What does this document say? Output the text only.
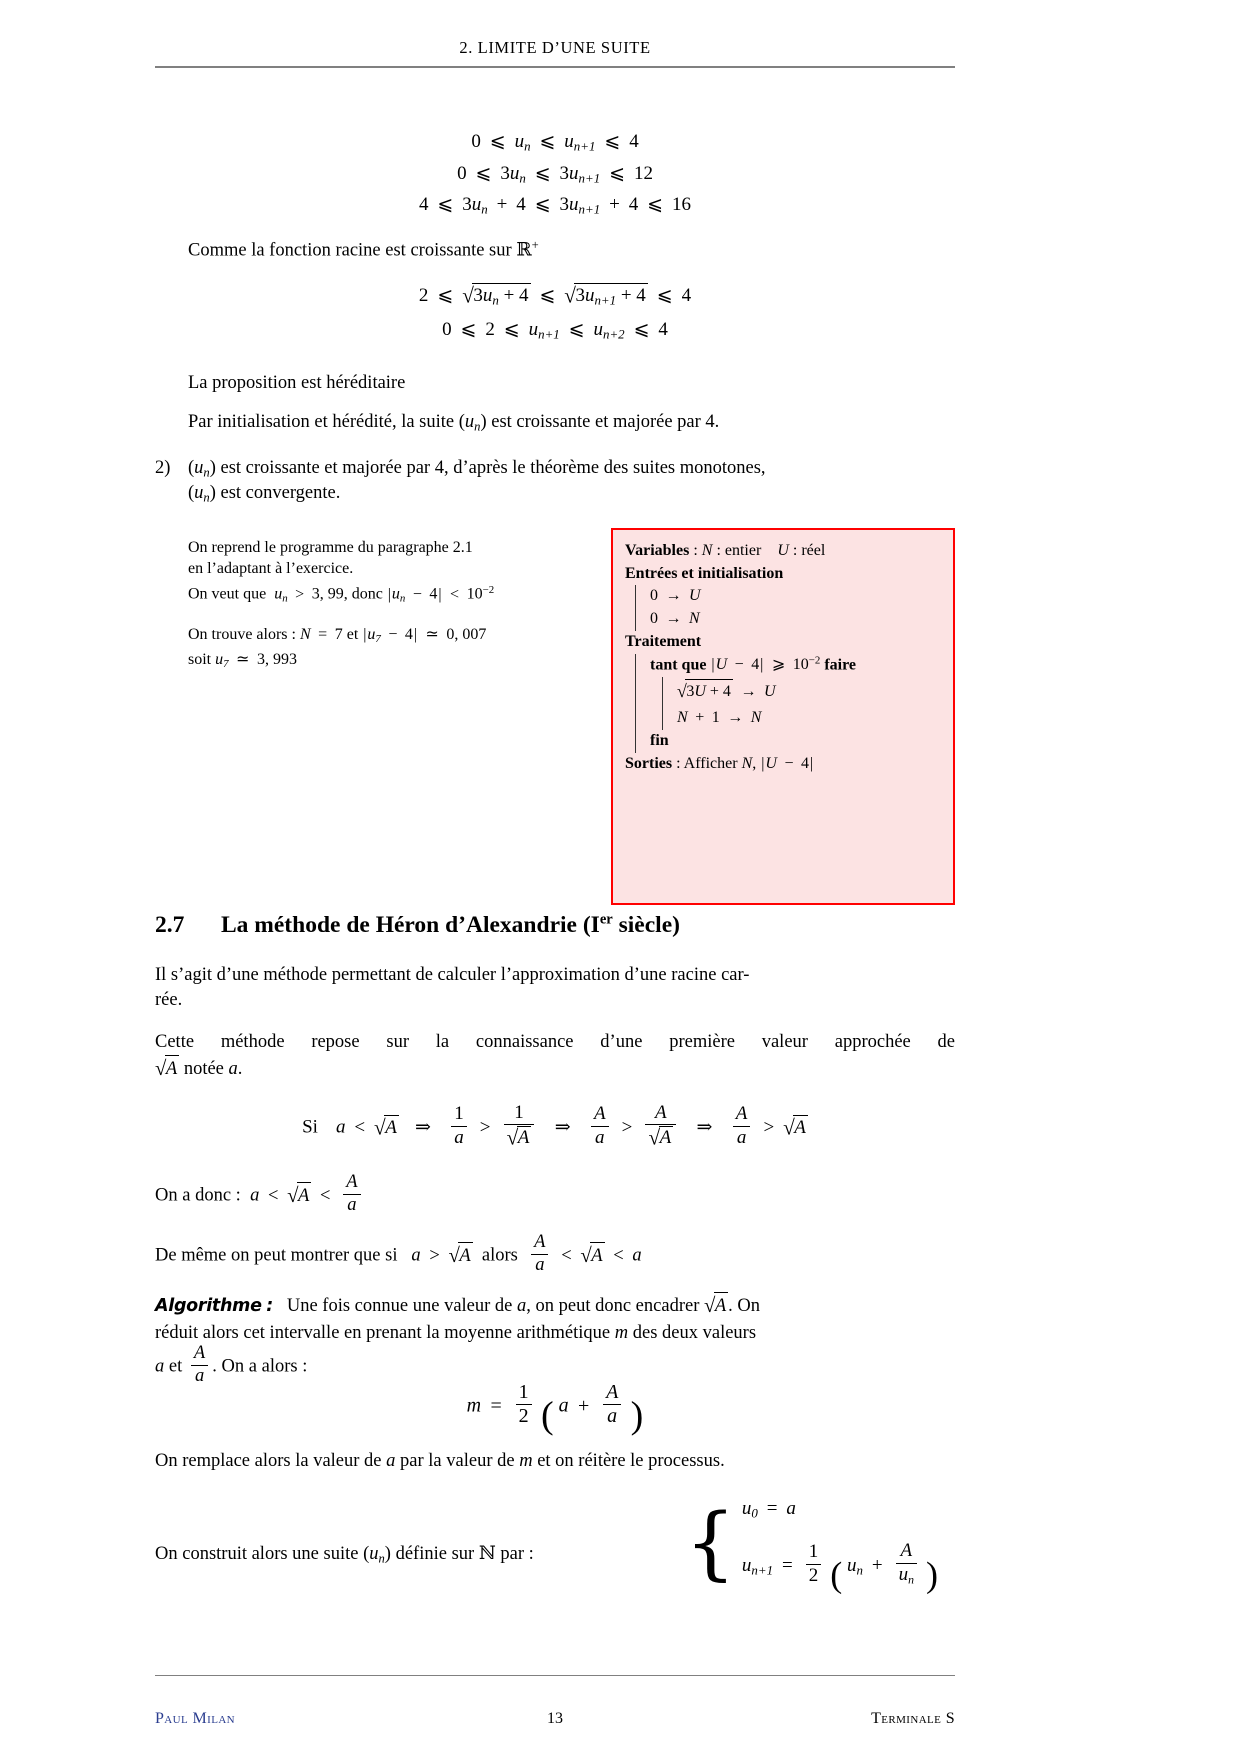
2. LIMITE D’UNE SUITE
0 ⩽ $u_n$ ⩽ $u_{n+1}$ ⩽ 4
0 ⩽ $3u_n$ ⩽ $3u_{n+1}$ ⩽ 12
4 ⩽ $3u_n + 4$ ⩽ $3u_{n+1} + 4$ ⩽ 16
Comme la fonction racine est croissante sur ℝ+
2 ⩽ $√3u_n + 4$ ⩽ $√3u_{n+1} + 4$ ⩽ 4
0 ⩽ 2 ⩽ $u_{n+1}$ ⩽ $u_{n+2}$ ⩽ 4
La proposition est héréditaire
Par initialisation et hérédité, la suite $(u_n)$ est croissante et majorée par 4.
2) $(u_n)$ est croissante et majorée par 4, d’après le théorème des suites monotones,
$(u_n)$ est convergente.
On reprend le programme du paragraphe 2.1
en l’adaptant à l’exercice.
On veut que  $u_n > 3$, 99, donc $|u_n - 4| < 10^{-2}$
On trouve alors : N = 7 et $|u_7 - 4|$ ≃ 0, 007
soit $u_7$ ≃ 3, 993
Variables : N : entier    U : réel
Entrées et initialisation
0 → U
0 → N
Traitement
tant que |U − 4| ⩾ $10^{-2}$ faire
√3U + 4 → U
N + 1 → N
fin
Sorties : Afficher N, |U − 4|
2.7 La méthode de Héron d’Alexandrie (Ier siècle)
Il s’agit d’une méthode permettant de calculer l’approximation d’une racine car-
rée.
Cette méthode repose sur la connaissance d’une première valeur approchée de
√A notée a.
Si a < √A  ⇒ $\frac{1}{a} > \frac{1}{√A}$ ⇒ $\frac{A}{a} > \frac{A}{√A}$ ⇒ $\frac{A}{a} > √A$
On a donc :  $a < √A < \frac{A}{a}$
De même on peut montrer que si   a > √A  alors $\frac{A}{a} < √A < a$
Algorithme :   Une fois connue une valeur de a, on peut donc encadrer √A . On
réduit alors cet intervalle en prenant la moyenne arithmétique m des deux valeurs
a et $\frac{A}{a}$ . On a alors :
$m = \frac{1}{2}$ ( $a + \frac{A}{a}$ )
On remplace alors la valeur de a par la valeur de m et on réitère le processus.
On construit alors une suite $(u_n)$ définie sur ℕ par :	{ $u_0 = a$
$u_{n+1} = \frac{1}{2}$ ( $u_n + \frac{A}{u_n}$ )
Paul Milan	13	Terminale S
